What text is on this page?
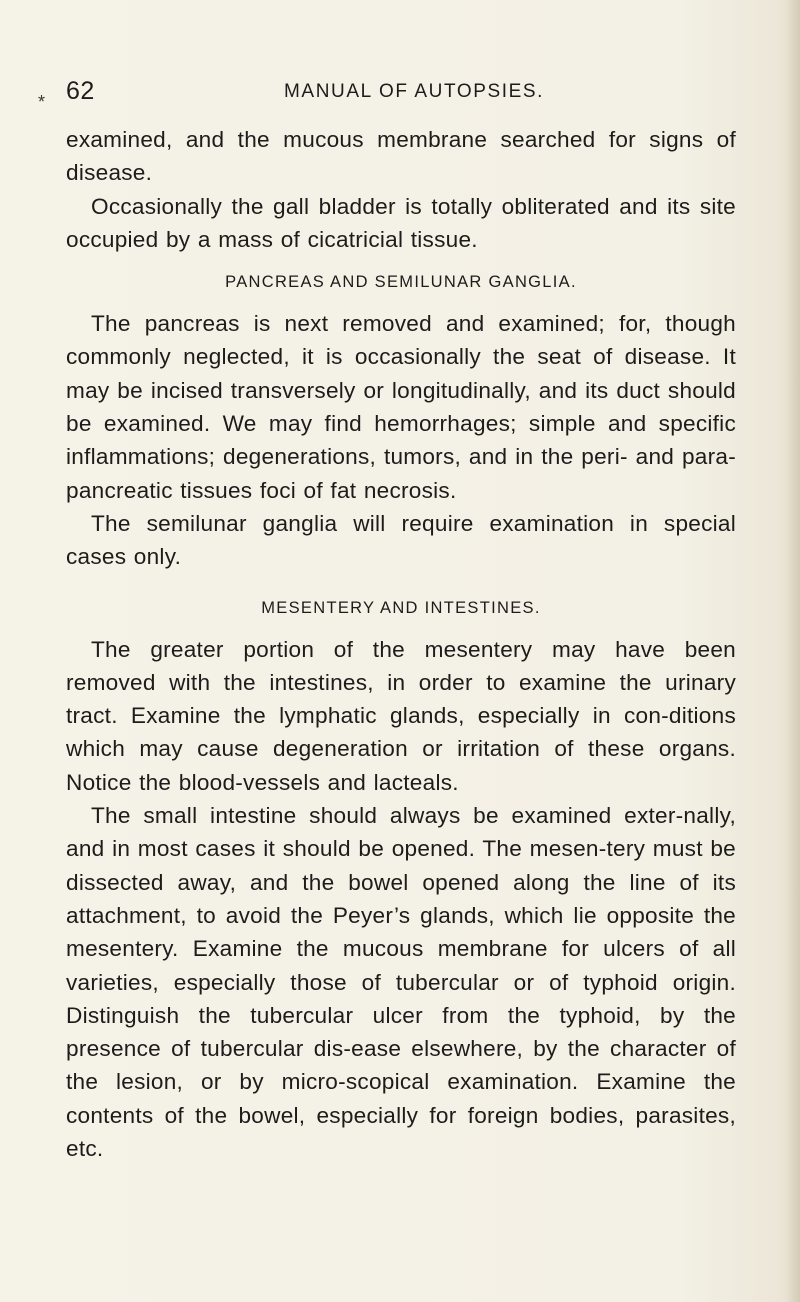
62	MANUAL OF AUTOPSIES.
*

examined, and the mucous membrane searched for signs of disease.

Occasionally the gall bladder is totally obliterated and its site occupied by a mass of cicatricial tissue.

PANCREAS AND SEMILUNAR GANGLIA.

The pancreas is next removed and examined; for, though commonly neglected, it is occasionally the seat of disease. It may be incised transversely or longitudinally, and its duct should be examined. We may find hemorrhages; simple and specific inflammations; degenerations, tumors, and in the peri- and para-pancreatic tissues foci of fat necrosis.

The semilunar ganglia will require examination in special cases only.

MESENTERY AND INTESTINES.

The greater portion of the mesentery may have been removed with the intestines, in order to examine the urinary tract. Examine the lymphatic glands, especially in con-ditions which may cause degeneration or irritation of these organs. Notice the blood-vessels and lacteals.

The small intestine should always be examined exter-nally, and in most cases it should be opened. The mesen-tery must be dissected away, and the bowel opened along the line of its attachment, to avoid the Peyer’s glands, which lie opposite the mesentery. Examine the mucous membrane for ulcers of all varieties, especially those of tubercular or of typhoid origin. Distinguish the tubercular ulcer from the typhoid, by the presence of tubercular dis-ease elsewhere, by the character of the lesion, or by micro-scopical examination. Examine the contents of the bowel, especially for foreign bodies, parasites, etc.
